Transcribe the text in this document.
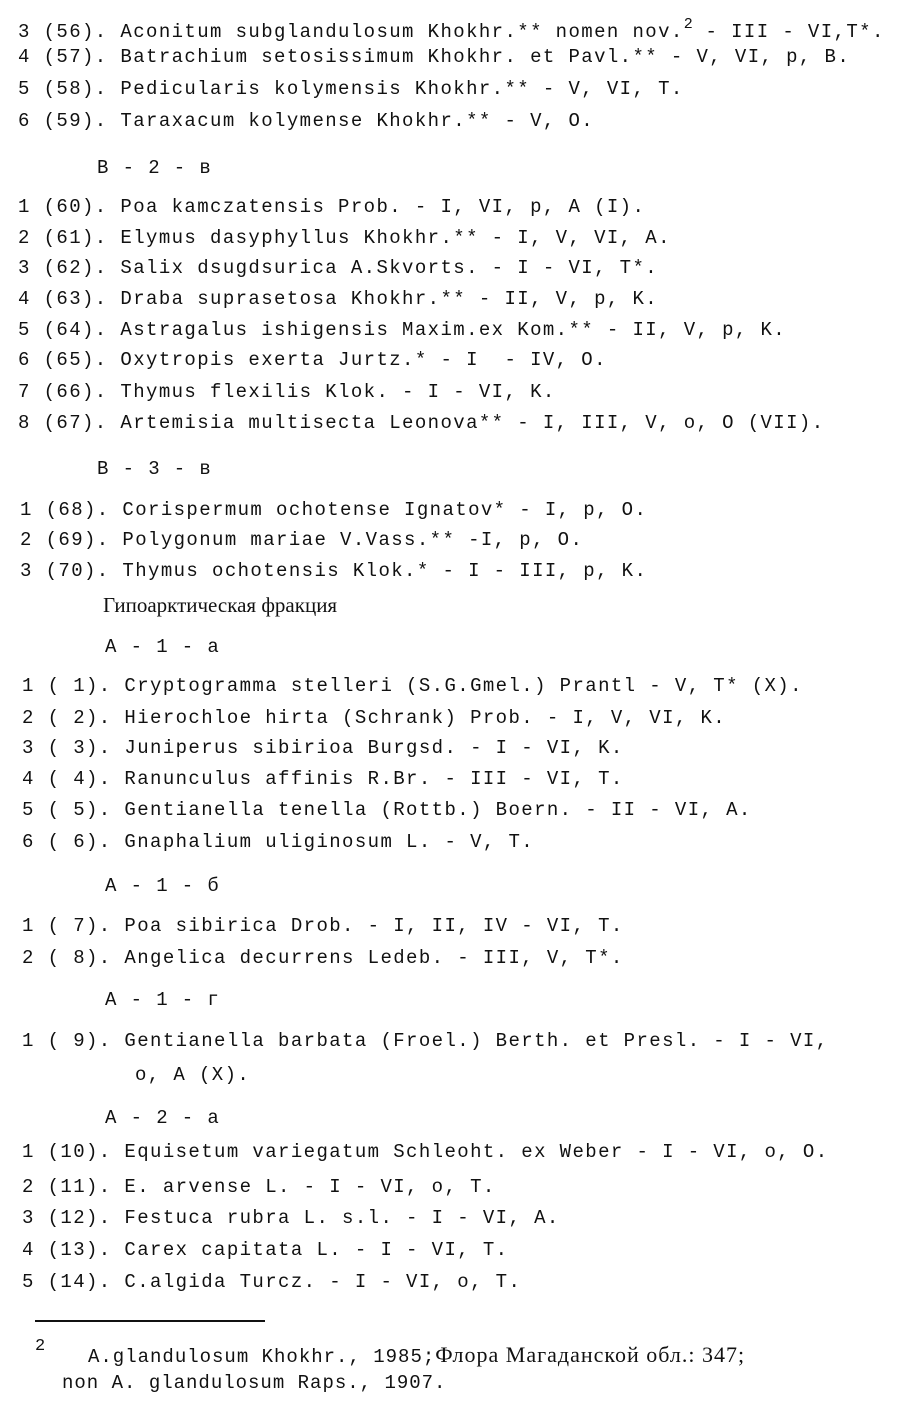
3 (56). Aconitum subglandulosum Khokhr.** nomen nov.$^2$ - III - VI,T*.
4 (57). Batrachium setosissimum Khokhr. et Pavl.** - V, VI, p, B.
5 (58). Pedicularis kolymensis Khokhr.** - V, VI, T.
6 (59). Taraxacum kolymense Khokhr.** - V, O.
В - 2 - в
1 (60). Poa kamczatensis Prob. - I, VI, p, A (I).
2 (61). Elymus dasyphyllus Khokhr.** - I, V, VI, A.
3 (62). Salix dsugdsurica A.Skvorts. - I - VI, T*.
4 (63). Draba suprasetosa Khokhr.** - II, V, p, K.
5 (64). Astragalus ishigensis Maxim.ex Kom.** - II, V, p, K.
6 (65). Oxytropis exerta Jurtz.* - I  - IV, O.
7 (66). Thymus flexilis Klok. - I - VI, K.
8 (67). Artemisia multisecta Leonova** - I, III, V, o, O (VII).
В - 3 - в
1 (68). Corispermum ochotense Ignatov* - I, p, O.
2 (69). Polygonum mariae V.Vass.** -I, p, O.
3 (70). Thymus ochotensis Klok.* - I - III, p, K.
Гипоарктическая фракция
А - 1 - а
1 ( 1). Cryptogramma stelleri (S.G.Gmel.) Prantl - V, T* (X).
2 ( 2). Hierochloe hirta (Schrank) Prob. - I, V, VI, K.
3 ( 3). Juniperus sibirioa Burgsd. - I - VI, K.
4 ( 4). Ranunculus affinis R.Br. - III - VI, T.
5 ( 5). Gentianella tenella (Rottb.) Boern. - II - VI, A.
6 ( 6). Gnaphalium uliginosum L. - V, T.
А - 1 - б
1 ( 7). Poa sibirica Drob. - I, II, IV - VI, T.
2 ( 8). Angelica decurrens Ledeb. - III, V, T*.
А - 1 - г
1 ( 9). Gentianella barbata (Froel.) Berth. et Presl. - I - VI,
o, A (X).
А - 2 - а
1 (10). Equisetum variegatum Schleoht. ex Weber - I - VI, o, O.
2 (11). E. arvense L. - I - VI, o, T.
3 (12). Festuca rubra L. s.l. - I - VI, A.
4 (13). Carex capitata L. - I - VI, T.
5 (14). C.algida Turcz. - I - VI, o, T.
2 A.glandulosum Khokhr., 1985;Флора Магаданской обл.: 347;
non A. glandulosum Raps., 1907.
